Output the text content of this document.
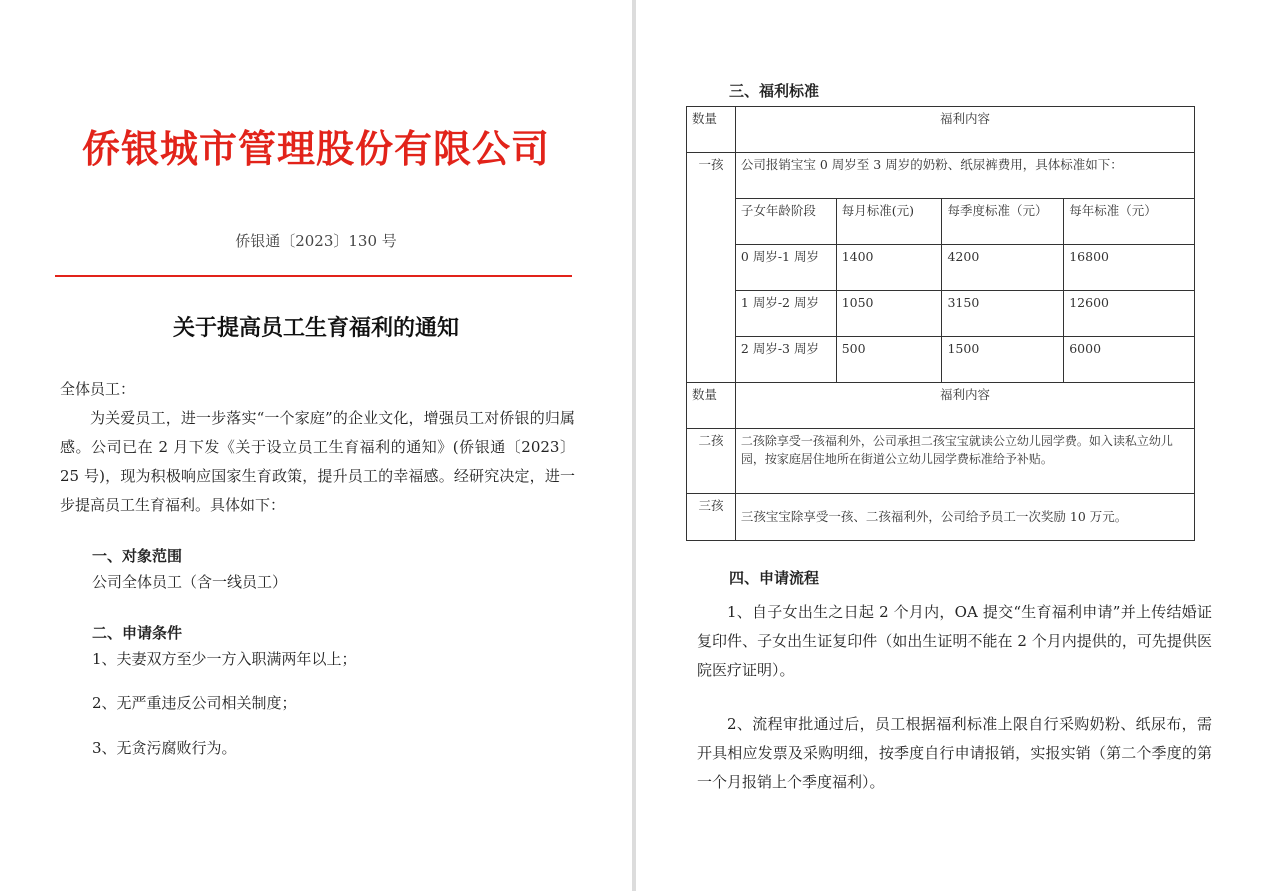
侨银城市管理股份有限公司
侨银通〔2023〕130 号
关于提高员工生育福利的通知
全体员工：
为关爱员工，进一步落实“一个家庭”的企业文化，增强员工对侨银的归属感。公司已在 2 月下发《关于设立员工生育福利的通知》(侨银通〔2023〕25 号)，现为积极响应国家生育政策，提升员工的幸福感。经研究决定，进一步提高员工生育福利。具体如下：
一、对象范围
公司全体员工（含一线员工）
二、申请条件
1、夫妻双方至少一方入职满两年以上；
2、无严重违反公司相关制度；
3、无贪污腐败行为。
三、福利标准
数量	福利内容			
一孩	公司报销宝宝 0 周岁至 3 周岁的奶粉、纸尿裤费用，具体标准如下：			
	子女年龄阶段	每月标准(元)	每季度标准（元）	每年标准（元）
	0 周岁-1 周岁	1400	4200	16800
	1 周岁-2 周岁	1050	3150	12600
	2 周岁-3 周岁	500	1500	6000
数量	福利内容			
二孩	二孩除享受一孩福利外，公司承担二孩宝宝就读公立幼儿园学费。如入读私立幼儿园，按家庭居住地所在街道公立幼儿园学费标准给予补贴。			
三孩	三孩宝宝除享受一孩、二孩福利外，公司给予员工一次奖励 10 万元。			
四、申请流程
1、自子女出生之日起 2 个月内，OA 提交“生育福利申请”并上传结婚证复印件、子女出生证复印件（如出生证明不能在 2 个月内提供的，可先提供医院医疗证明）。
2、流程审批通过后，员工根据福利标准上限自行采购奶粉、纸尿布，需开具相应发票及采购明细，按季度自行申请报销，实报实销（第二个季度的第一个月报销上个季度福利）。
